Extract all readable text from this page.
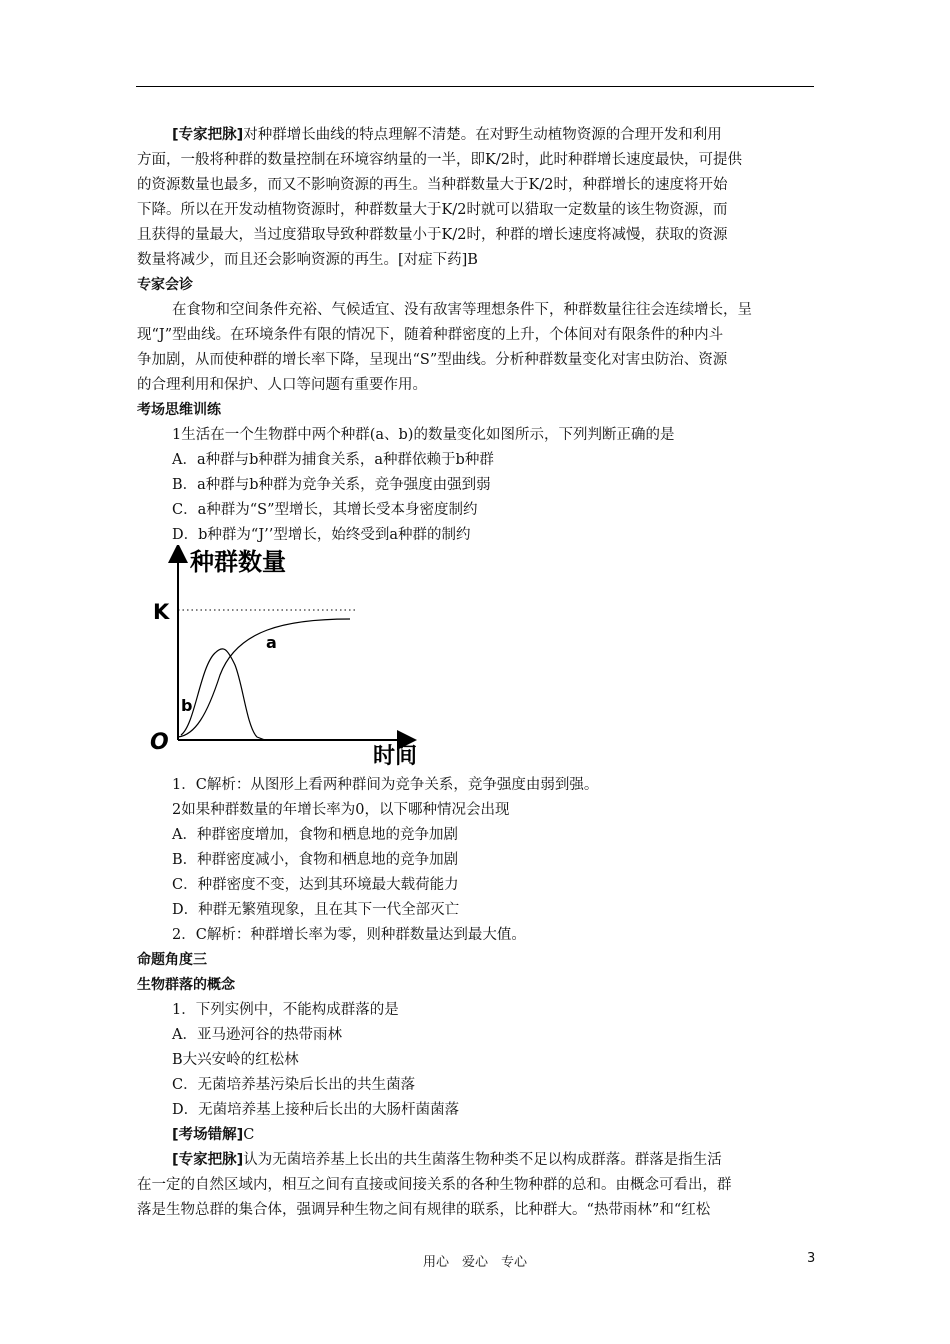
[专家把脉]对种群增长曲线的特点理解不清楚。在对野生动植物资源的合理开发和利用
方面，一般将种群的数量控制在环境容纳量的一半，即K/2时，此时种群增长速度最快，可提供
的资源数量也最多，而又不影响资源的再生。当种群数量大于K/2时，种群增长的速度将开始
下降。所以在开发动植物资源时，种群数量大于K/2时就可以猎取一定数量的该生物资源，而
且获得的量最大，当过度猎取导致种群数量小于K/2时，种群的增长速度将减慢，获取的资源
数量将减少，而且还会影响资源的再生。[对症下药]B
专家会诊
在食物和空间条件充裕、气候适宜、没有敌害等理想条件下，种群数量往往会连续增长，呈
现“J”型曲线。在环境条件有限的情况下，随着种群密度的上升，个体间对有限条件的种内斗
争加剧，从而使种群的增长率下降，呈现出“S”型曲线。分析种群数量变化对害虫防治、资源
的合理利用和保护、人口等问题有重要作用。
考场思维训练
1生活在一个生物群中两个种群(a、b)的数量变化如图所示，下列判断正确的是
A．a种群与b种群为捕食关系，a种群依赖于b种群
B．a种群与b种群为竞争关系，竞争强度由强到弱
C．a种群为“S”型增长，其增长受本身密度制约
D．b种群为“J’’型增长，始终受到a种群的制约
种群数量
时间
K
O
a
b
1．C解析：从图形上看两种群间为竞争关系，竞争强度由弱到强。
2如果种群数量的年增长率为0，以下哪种情况会出现
A．种群密度增加，食物和栖息地的竞争加剧
B．种群密度减小，食物和栖息地的竞争加剧
C．种群密度不变，达到其环境最大载荷能力
D．种群无繁殖现象，且在其下一代全部灭亡
2．C解析：种群增长率为零，则种群数量达到最大值。
命题角度三
生物群落的概念
1．下列实例中，不能构成群落的是
A．亚马逊河谷的热带雨林
B大兴安岭的红松林
C．无菌培养基污染后长出的共生菌落
D．无菌培养基上接种后长出的大肠杆菌菌落
[考场错解]C
[专家把脉]认为无菌培养基上长出的共生菌落生物种类不足以构成群落。群落是指生活
在一定的自然区域内，相互之间有直接或间接关系的各种生物种群的总和。由概念可看出，群
落是生物总群的集合体，强调异种生物之间有规律的联系，比种群大。“热带雨林”和“红松
用心　爱心　专心	3
